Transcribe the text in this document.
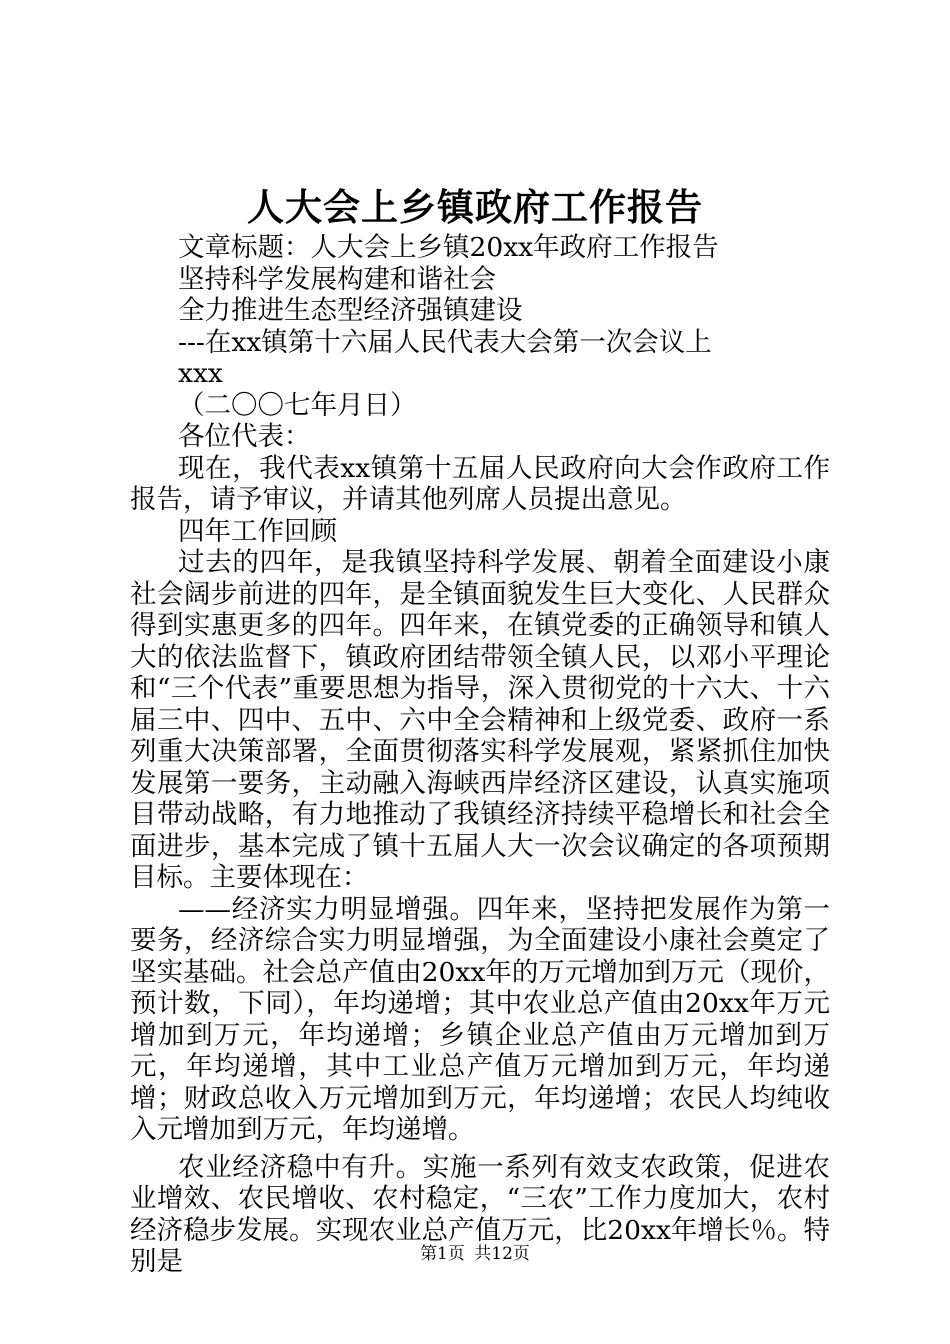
人大会上乡镇政府工作报告

文章标题：人大会上乡镇20xx年政府工作报告

坚持科学发展构建和谐社会

全力推进生态型经济强镇建设

---在xx镇第十六届人民代表大会第一次会议上

xxx

（二〇〇七年月日）

各位代表：

现在，我代表xx镇第十五届人民政府向大会作政府工作报告，请予审议，并请其他列席人员提出意见。

四年工作回顾

过去的四年，是我镇坚持科学发展、朝着全面建设小康社会阔步前进的四年，是全镇面貌发生巨大变化、人民群众得到实惠更多的四年。四年来，在镇党委的正确领导和镇人大的依法监督下，镇政府团结带领全镇人民，以邓小平理论和“三个代表”重要思想为指导，深入贯彻党的十六大、十六届三中、四中、五中、六中全会精神和上级党委、政府一系列重大决策部署，全面贯彻落实科学发展观，紧紧抓住加快发展第一要务，主动融入海峡西岸经济区建设，认真实施项目带动战略，有力地推动了我镇经济持续平稳增长和社会全面进步，基本完成了镇十五届人大一次会议确定的各项预期目标。主要体现在：

——经济实力明显增强。四年来，坚持把发展作为第一要务，经济综合实力明显增强，为全面建设小康社会奠定了坚实基础。社会总产值由20xx年的万元增加到万元（现价，预计数，下同），年均递增；其中农业总产值由20xx年万元增加到万元，年均递增；乡镇企业总产值由万元增加到万元，年均递增，其中工业总产值万元增加到万元，年均递增；财政总收入万元增加到万元，年均递增；农民人均纯收入元增加到万元，年均递增。

农业经济稳中有升。实施一系列有效支农政策，促进农业增效、农民增收、农村稳定，“三农”工作力度加大，农村经济稳步发展。实现农业总产值万元，比20xx年增长％。特别是	第1页 共12页
